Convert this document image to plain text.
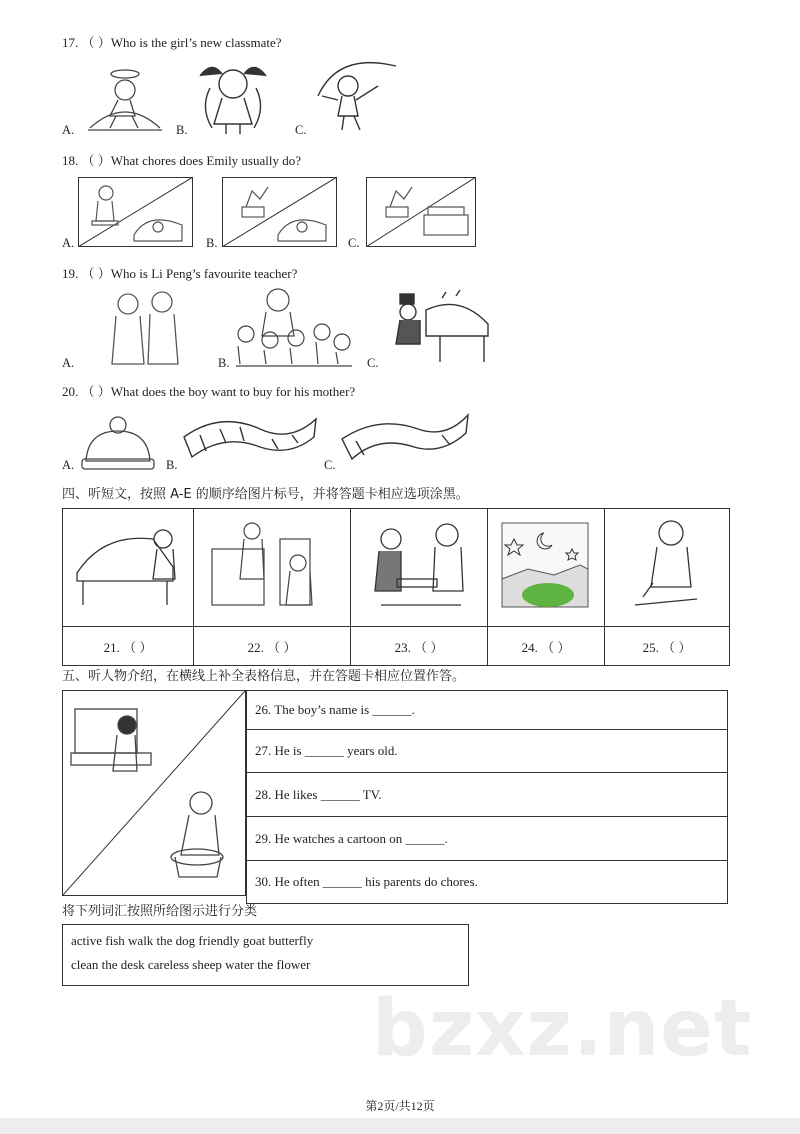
17. （ ）Who is the girl’s new classmate?
A.	B.	C.
18. （ ）What chores does Emily usually do?
A.	B.	C.
19. （ ）Who is Li Peng’s favourite teacher?
A.	B.	C.
20. （ ）What does the boy want to buy for his mother?
A.	B.	C.
四、听短文，按照 A-E 的顺序给图片标号，并将答题卡相应选项涂黑。

21. （ ）	22. （ ）	23. （ ）	24. （ ）	25. （ ）
五、听人物介绍，在横线上补全表格信息，并在答题卡相应位置作答。
26. The boy’s name is ______.
27. He is ______ years old.
28. He likes ______ TV.
29. He watches a cartoon on ______.
30. He often ______ his parents do chores.
将下列词汇按照所给图示进行分类
active fish walk the dog friendly goat butterfly
clean the desk careless sheep water the flower
bzxz.net
第2页/共12页
